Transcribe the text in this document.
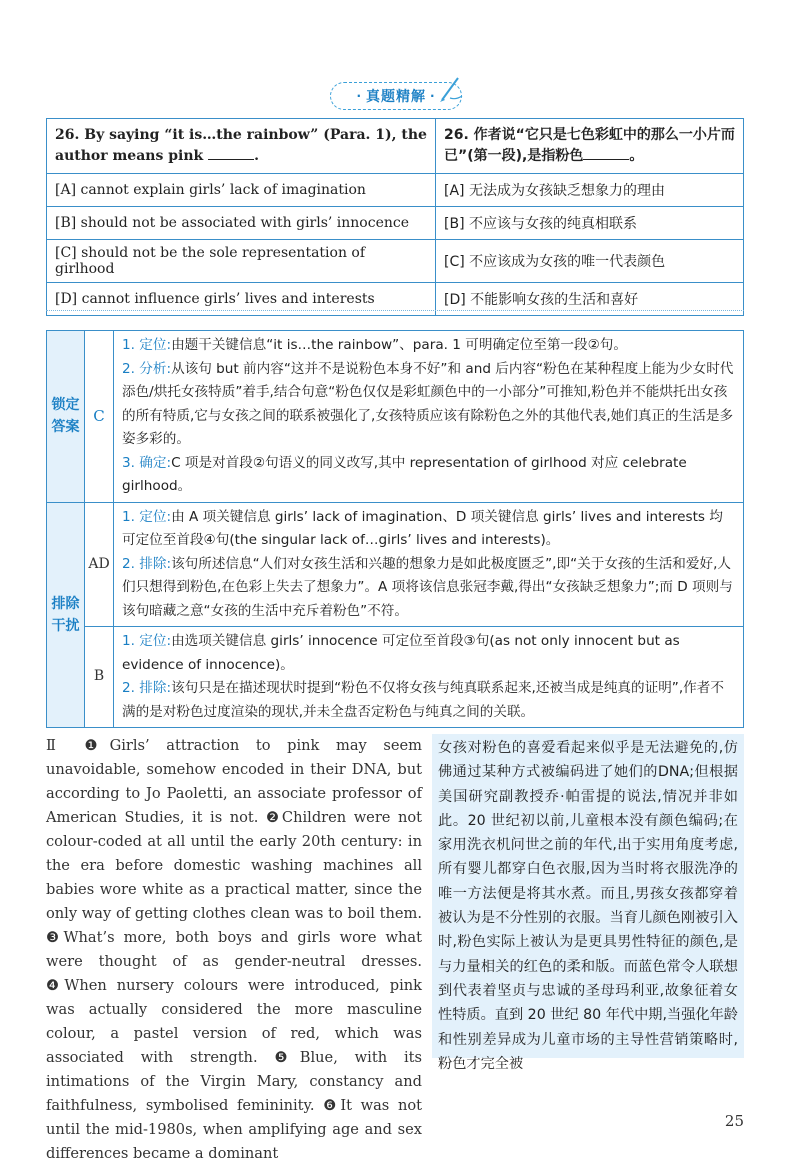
· 真题精解 ·
26. By saying “it is…the rainbow” (Para. 1), the author means pink .	26. 作者说“它只是七色彩虹中的那么一小片而已”(第一段),是指粉色 。
[A] cannot explain girls’ lack of imagination	[A] 无法成为女孩缺乏想象力的理由
[B] should not be associated with girls’ innocence	[B] 不应该与女孩的纯真相联系
[C] should not be the sole representation of girlhood	[C] 不应该成为女孩的唯一代表颜色
[D] cannot influence girls’ lives and interests	[D] 不能影响女孩的生活和喜好
锁定答案	C	1. 定位:由题干关键信息“it is…the rainbow”、para. 1 可明确定位至第一段②句。
2. 分析:从该句 but 前内容“这并不是说粉色本身不好”和 and 后内容“粉色在某种程度上能为少女时代添色/烘托女孩特质”着手,结合句意“粉色仅仅是彩虹颜色中的一小部分”可推知,粉色并不能烘托出女孩的所有特质,它与女孩之间的联系被强化了,女孩特质应该有除粉色之外的其他代表,她们真正的生活是多姿多彩的。
3. 确定:C 项是对首段②句语义的同义改写,其中 representation of girlhood 对应 celebrate girlhood。

排除干扰	AD	1. 定位:由 A 项关键信息 girls’ lack of imagination、D 项关键信息 girls’ lives and interests 均可定位至首段④句(the singular lack of…girls’ lives and interests)。
2. 排除:该句所述信息“人们对女孩生活和兴趣的想象力是如此极度匮乏”,即“关于女孩的生活和爱好,人们只想得到粉色,在色彩上失去了想象力”。A 项将该信息张冠李戴,得出“女孩缺乏想象力”;而 D 项则与该句暗藏之意“女孩的生活中充斥着粉色”不符。

	B	1. 定位:由选项关键信息 girls’ innocence 可定位至首段③句(as not only innocent but as evidence of innocence)。
2. 排除:该句只是在描述现状时提到“粉色不仅将女孩与纯真联系起来,还被当成是纯真的证明”,作者不满的是对粉色过度渲染的现状,并未全盘否定粉色与纯真之间的关联。
Ⅱ ❶Girls’ attraction to pink may seem unavoidable, somehow encoded in their DNA, but according to Jo Paoletti, an associate professor of American Studies, it is not. ❷Children were not colour-coded at all until the early 20th century: in the era before domestic washing machines all babies wore white as a practical matter, since the only way of getting clothes clean was to boil them. ❸What’s more, both boys and girls wore what were thought of as gender-neutral dresses. ❹When nursery colours were introduced, pink was actually considered the more masculine colour, a pastel version of red, which was associated with strength. ❺Blue, with its intimations of the Virgin Mary, constancy and faithfulness, symbolised femininity. ❻It was not until the mid-1980s, when amplifying age and sex differences became a dominant
女孩对粉色的喜爱看起来似乎是无法避免的,仿佛通过某种方式被编码进了她们的DNA;但根据美国研究副教授乔·帕雷提的说法,情况并非如此。20 世纪初以前,儿童根本没有颜色编码;在家用洗衣机问世之前的年代,出于实用角度考虑,所有婴儿都穿白色衣服,因为当时将衣服洗净的唯一方法便是将其水煮。而且,男孩女孩都穿着被认为是不分性别的衣服。当育儿颜色刚被引入时,粉色实际上被认为是更具男性特征的颜色,是与力量相关的红色的柔和版。而蓝色常令人联想到代表着坚贞与忠诚的圣母玛利亚,故象征着女性特质。直到 20 世纪 80 年代中期,当强化年龄和性别差异成为儿童市场的主导性营销策略时,粉色才完全被
25
